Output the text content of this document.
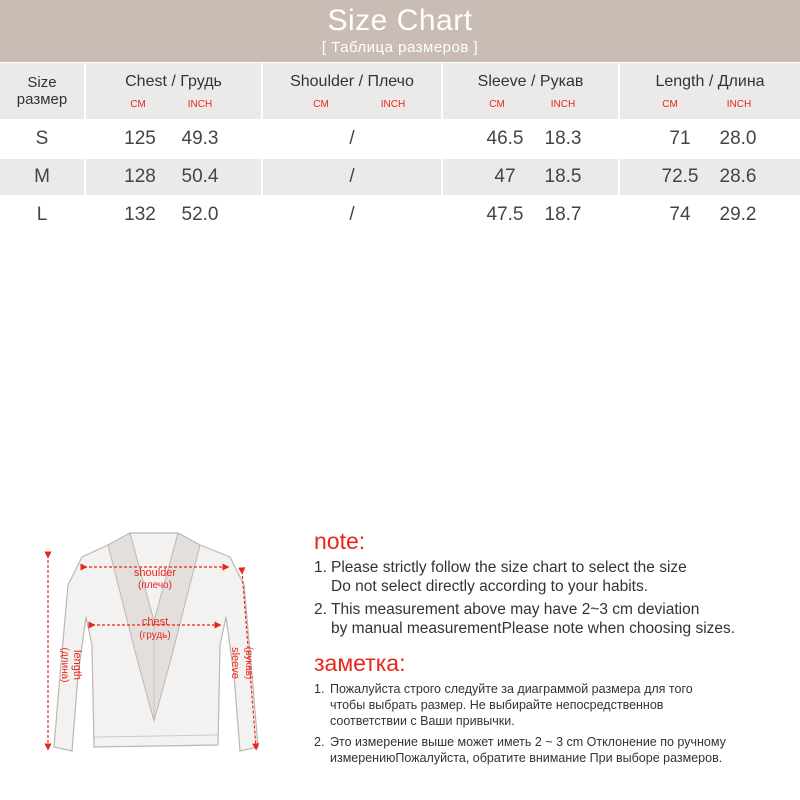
Size Chart
[ Таблица размеров ]
Size
размер
Chest / Грудь
CM	INCH
Shoulder / Плечо
CM	INCH
Sleeve / Рукав
CM	INCH
Length / Длина
CM	INCH
S	125	49.3	/	46.5	18.3	71	28.0
M	128	50.4	/	47	18.5	72.5	28.6
L	132	52.0	/	47.5	18.7	74	29.2
shoulder
(плечо)
chest
(грудь)
length
(длина)	sleeve (рукав)
note:
1. Please strictly follow the size chart to select the size
Do not select directly according to your habits.
2. This measurement above may have 2~3 cm deviation
by manual measurementPlease note when choosing sizes.
заметка:
1. Пожалуйста строго следуйте за диаграммой размера для того
чтобы выбрать размер. Не выбирайте непосредственнов
соответствии с Ваши привычки.
2. Это измерение выше может иметь 2 ~ 3 cm Отклонение по ручному
измерениюПожалуйста, обратите внимание При выборе размеров.
